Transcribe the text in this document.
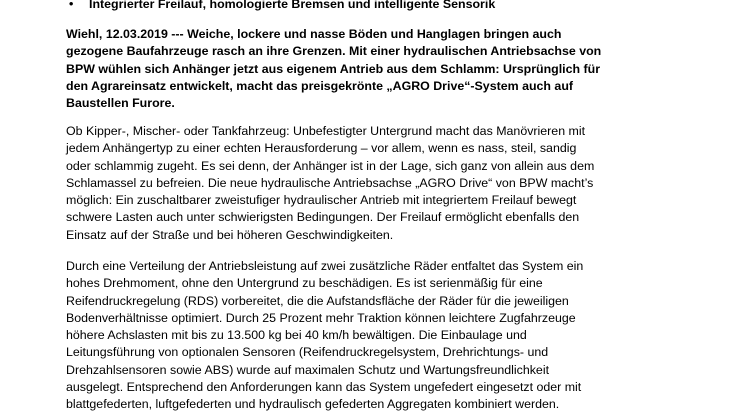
• Integrierter Freilauf, homologierte Bremsen und intelligente Sensorik
Wiehl, 12.03.2019 --- Weiche, lockere und nasse Böden und Hanglagen bringen auch
gezogene Baufahrzeuge rasch an ihre Grenzen. Mit einer hydraulischen Antriebsachse von
BPW wühlen sich Anhänger jetzt aus eigenem Antrieb aus dem Schlamm: Ursprünglich für
den Agrareinsatz entwickelt, macht das preisgekrönte „AGRO Drive“-System auch auf
Baustellen Furore.
Ob Kipper-, Mischer- oder Tankfahrzeug: Unbefestigter Untergrund macht das Manövrieren mit
jedem Anhängertyp zu einer echten Herausforderung – vor allem, wenn es nass, steil, sandig
oder schlammig zugeht. Es sei denn, der Anhänger ist in der Lage, sich ganz von allein aus dem
Schlamassel zu befreien. Die neue hydraulische Antriebsachse „AGRO Drive“ von BPW macht’s
möglich: Ein zuschaltbarer zweistufiger hydraulischer Antrieb mit integriertem Freilauf bewegt
schwere Lasten auch unter schwierigsten Bedingungen. Der Freilauf ermöglicht ebenfalls den
Einsatz auf der Straße und bei höheren Geschwindigkeiten.
Durch eine Verteilung der Antriebsleistung auf zwei zusätzliche Räder entfaltet das System ein
hohes Drehmoment, ohne den Untergrund zu beschädigen. Es ist serienmäßig für eine
Reifendruckregelung (RDS) vorbereitet, die die Aufstandsfläche der Räder für die jeweiligen
Bodenverhältnisse optimiert. Durch 25 Prozent mehr Traktion können leichtere Zugfahrzeuge
höhere Achslasten mit bis zu 13.500 kg bei 40 km/h bewältigen. Die Einbaulage und
Leitungsführung von optionalen Sensoren (Reifendruckregelsystem, Drehrichtungs- und
Drehzahlsensoren sowie ABS) wurde auf maximalen Schutz und Wartungsfreundlichkeit
ausgelegt. Entsprechend den Anforderungen kann das System ungefedert eingesetzt oder mit
blattgefederten, luftgefederten und hydraulisch gefederten Aggregaten kombiniert werden.
